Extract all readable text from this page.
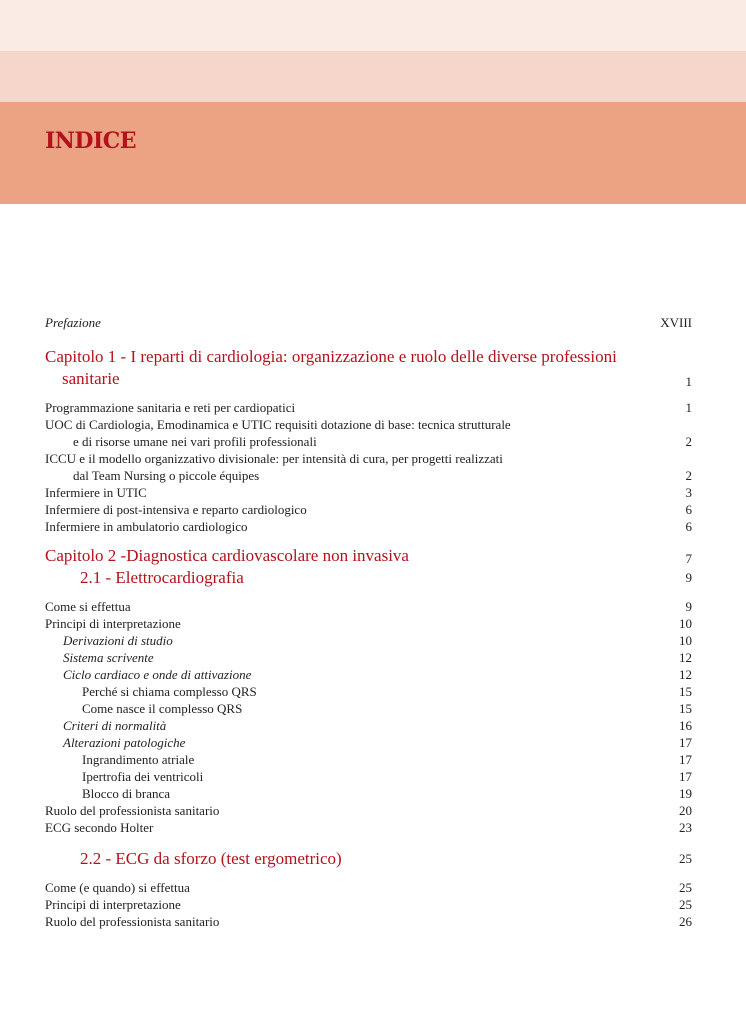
INDICE
Prefazione	XVIII
Capitolo 1 - I reparti di cardiologia: organizzazione e ruolo delle diverse professioni
sanitarie	1
Programmazione sanitaria e reti per cardiopatici	1
UOC di Cardiologia, Emodinamica e UTIC requisiti dotazione di base: tecnica strutturale
e di risorse umane nei vari profili professionali	2
ICCU e il modello organizzativo divisionale: per intensità di cura, per progetti realizzati
dal Team Nursing o piccole équipes	2
Infermiere in UTIC	3
Infermiere di post-intensiva e reparto cardiologico	6
Infermiere in ambulatorio cardiologico	6
Capitolo 2 -Diagnostica cardiovascolare non invasiva	7
2.1 - Elettrocardiografia	9
Come si effettua	9
Principi di interpretazione	10
Derivazioni di studio	10
Sistema scrivente	12
Ciclo cardiaco e onde di attivazione	12
Perché si chiama complesso QRS	15
Come nasce il complesso QRS	15
Criteri di normalità	16
Alterazioni patologiche	17
Ingrandimento atriale	17
Ipertrofia dei ventricoli	17
Blocco di branca	19
Ruolo del professionista sanitario	20
ECG secondo Holter	23
2.2 - ECG da sforzo (test ergometrico)	25
Come (e quando) si effettua	25
Principi di interpretazione	25
Ruolo del professionista sanitario	26
